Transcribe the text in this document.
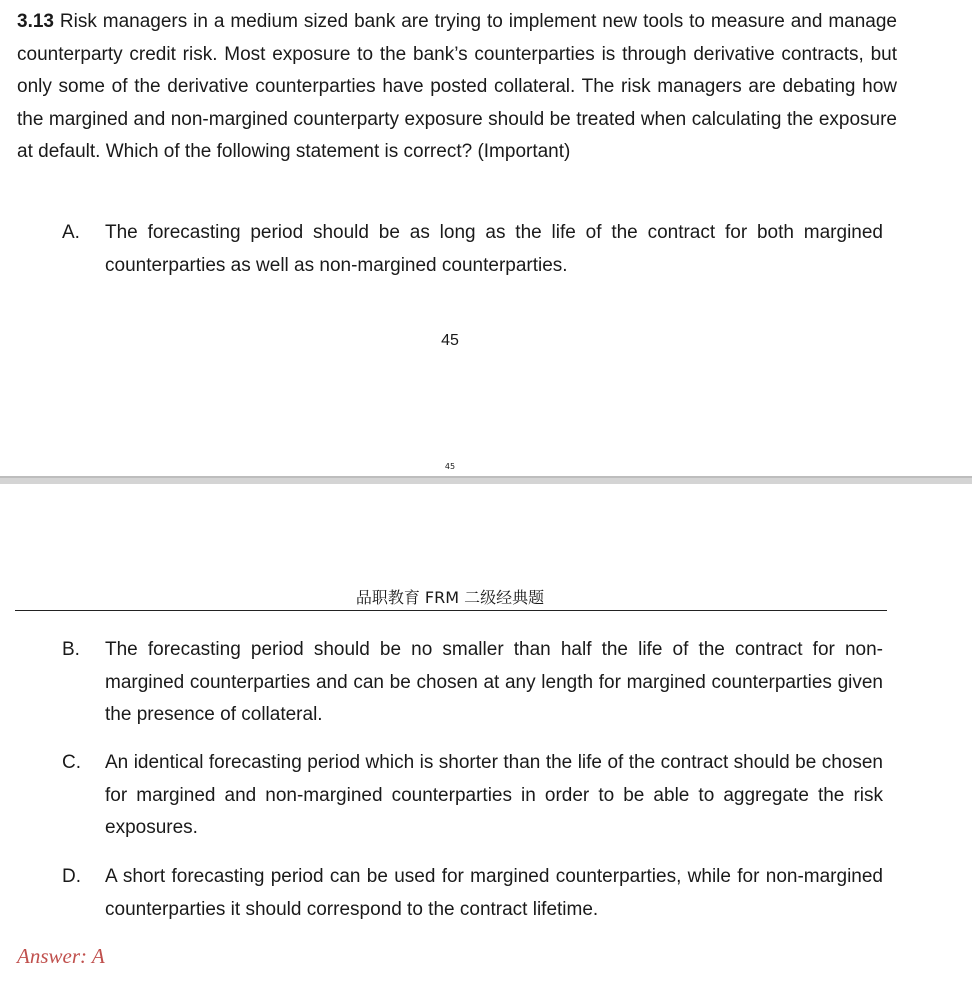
3.13 Risk managers in a medium sized bank are trying to implement new tools to measure and manage counterparty credit risk. Most exposure to the bank’s counterparties is through derivative contracts, but only some of the derivative counterparties have posted collateral. The risk managers are debating how the margined and non-margined counterparty exposure should be treated when calculating the exposure at default. Which of the following statement is correct? (Important)

A. The forecasting period should be as long as the life of the contract for both margined counterparties as well as non-margined counterparties.

45
45
品职教育 FRM 二级经典题
B. The forecasting period should be no smaller than half the life of the contract for non-margined counterparties and can be chosen at any length for margined counterparties given the presence of collateral.

C. An identical forecasting period which is shorter than the life of the contract should be chosen for margined and non-margined counterparties in order to be able to aggregate the risk exposures.

D. A short forecasting period can be used for margined counterparties, while for non-margined counterparties it should correspond to the contract lifetime.

Answer: A
